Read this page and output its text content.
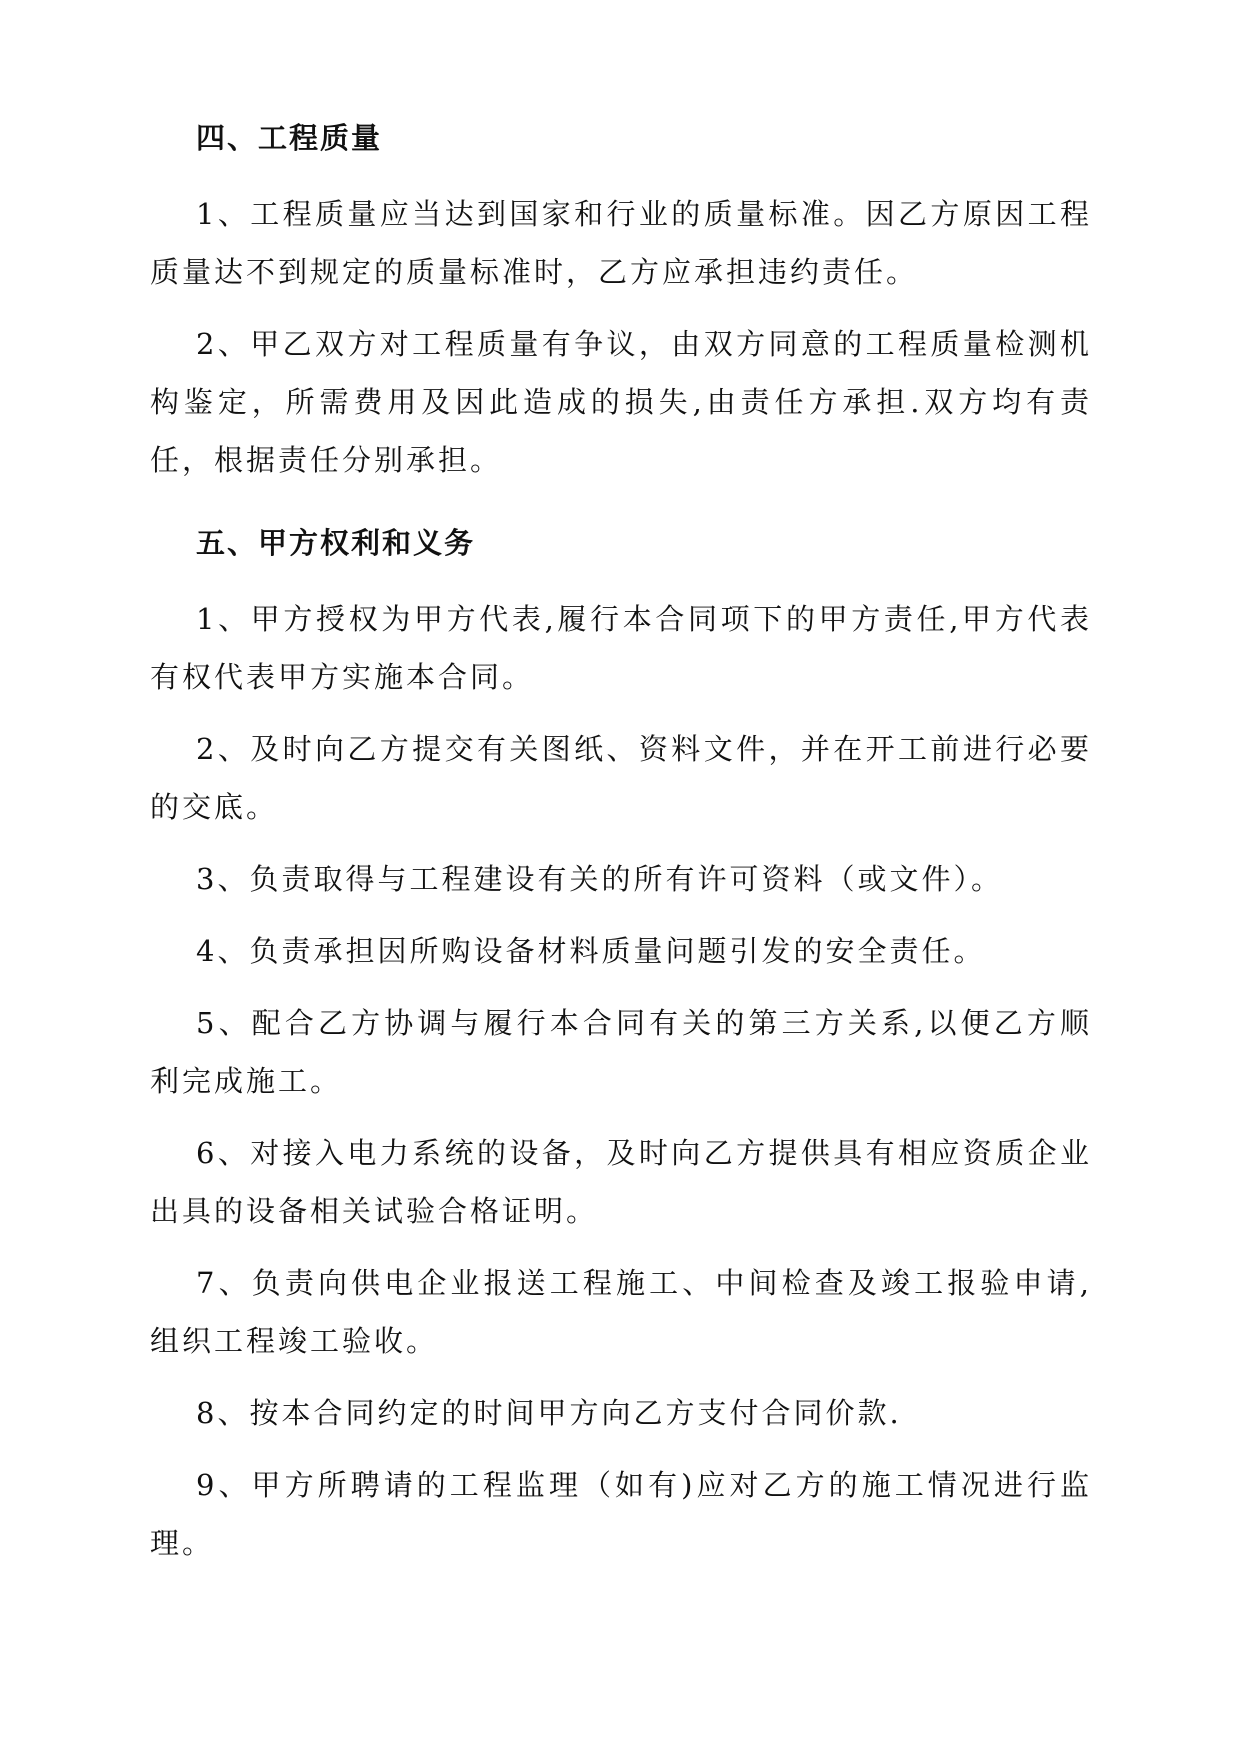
四、工程质量

1、工程质量应当达到国家和行业的质量标准。因乙方原因工程质量达不到规定的质量标准时，乙方应承担违约责任。

2、甲乙双方对工程质量有争议，由双方同意的工程质量检测机构鉴定，所需费用及因此造成的损失,由责任方承担.双方均有责任，根据责任分别承担。

五、甲方权利和义务

1、甲方授权为甲方代表,履行本合同项下的甲方责任,甲方代表有权代表甲方实施本合同。

2、及时向乙方提交有关图纸、资料文件，并在开工前进行必要的交底。

3、负责取得与工程建设有关的所有许可资料（或文件）。

4、负责承担因所购设备材料质量问题引发的安全责任。

5、配合乙方协调与履行本合同有关的第三方关系,以便乙方顺利完成施工。

6、对接入电力系统的设备，及时向乙方提供具有相应资质企业出具的设备相关试验合格证明。

7、负责向供电企业报送工程施工、中间检查及竣工报验申请,组织工程竣工验收。

8、按本合同约定的时间甲方向乙方支付合同价款.

9、甲方所聘请的工程监理（如有)应对乙方的施工情况进行监理。
